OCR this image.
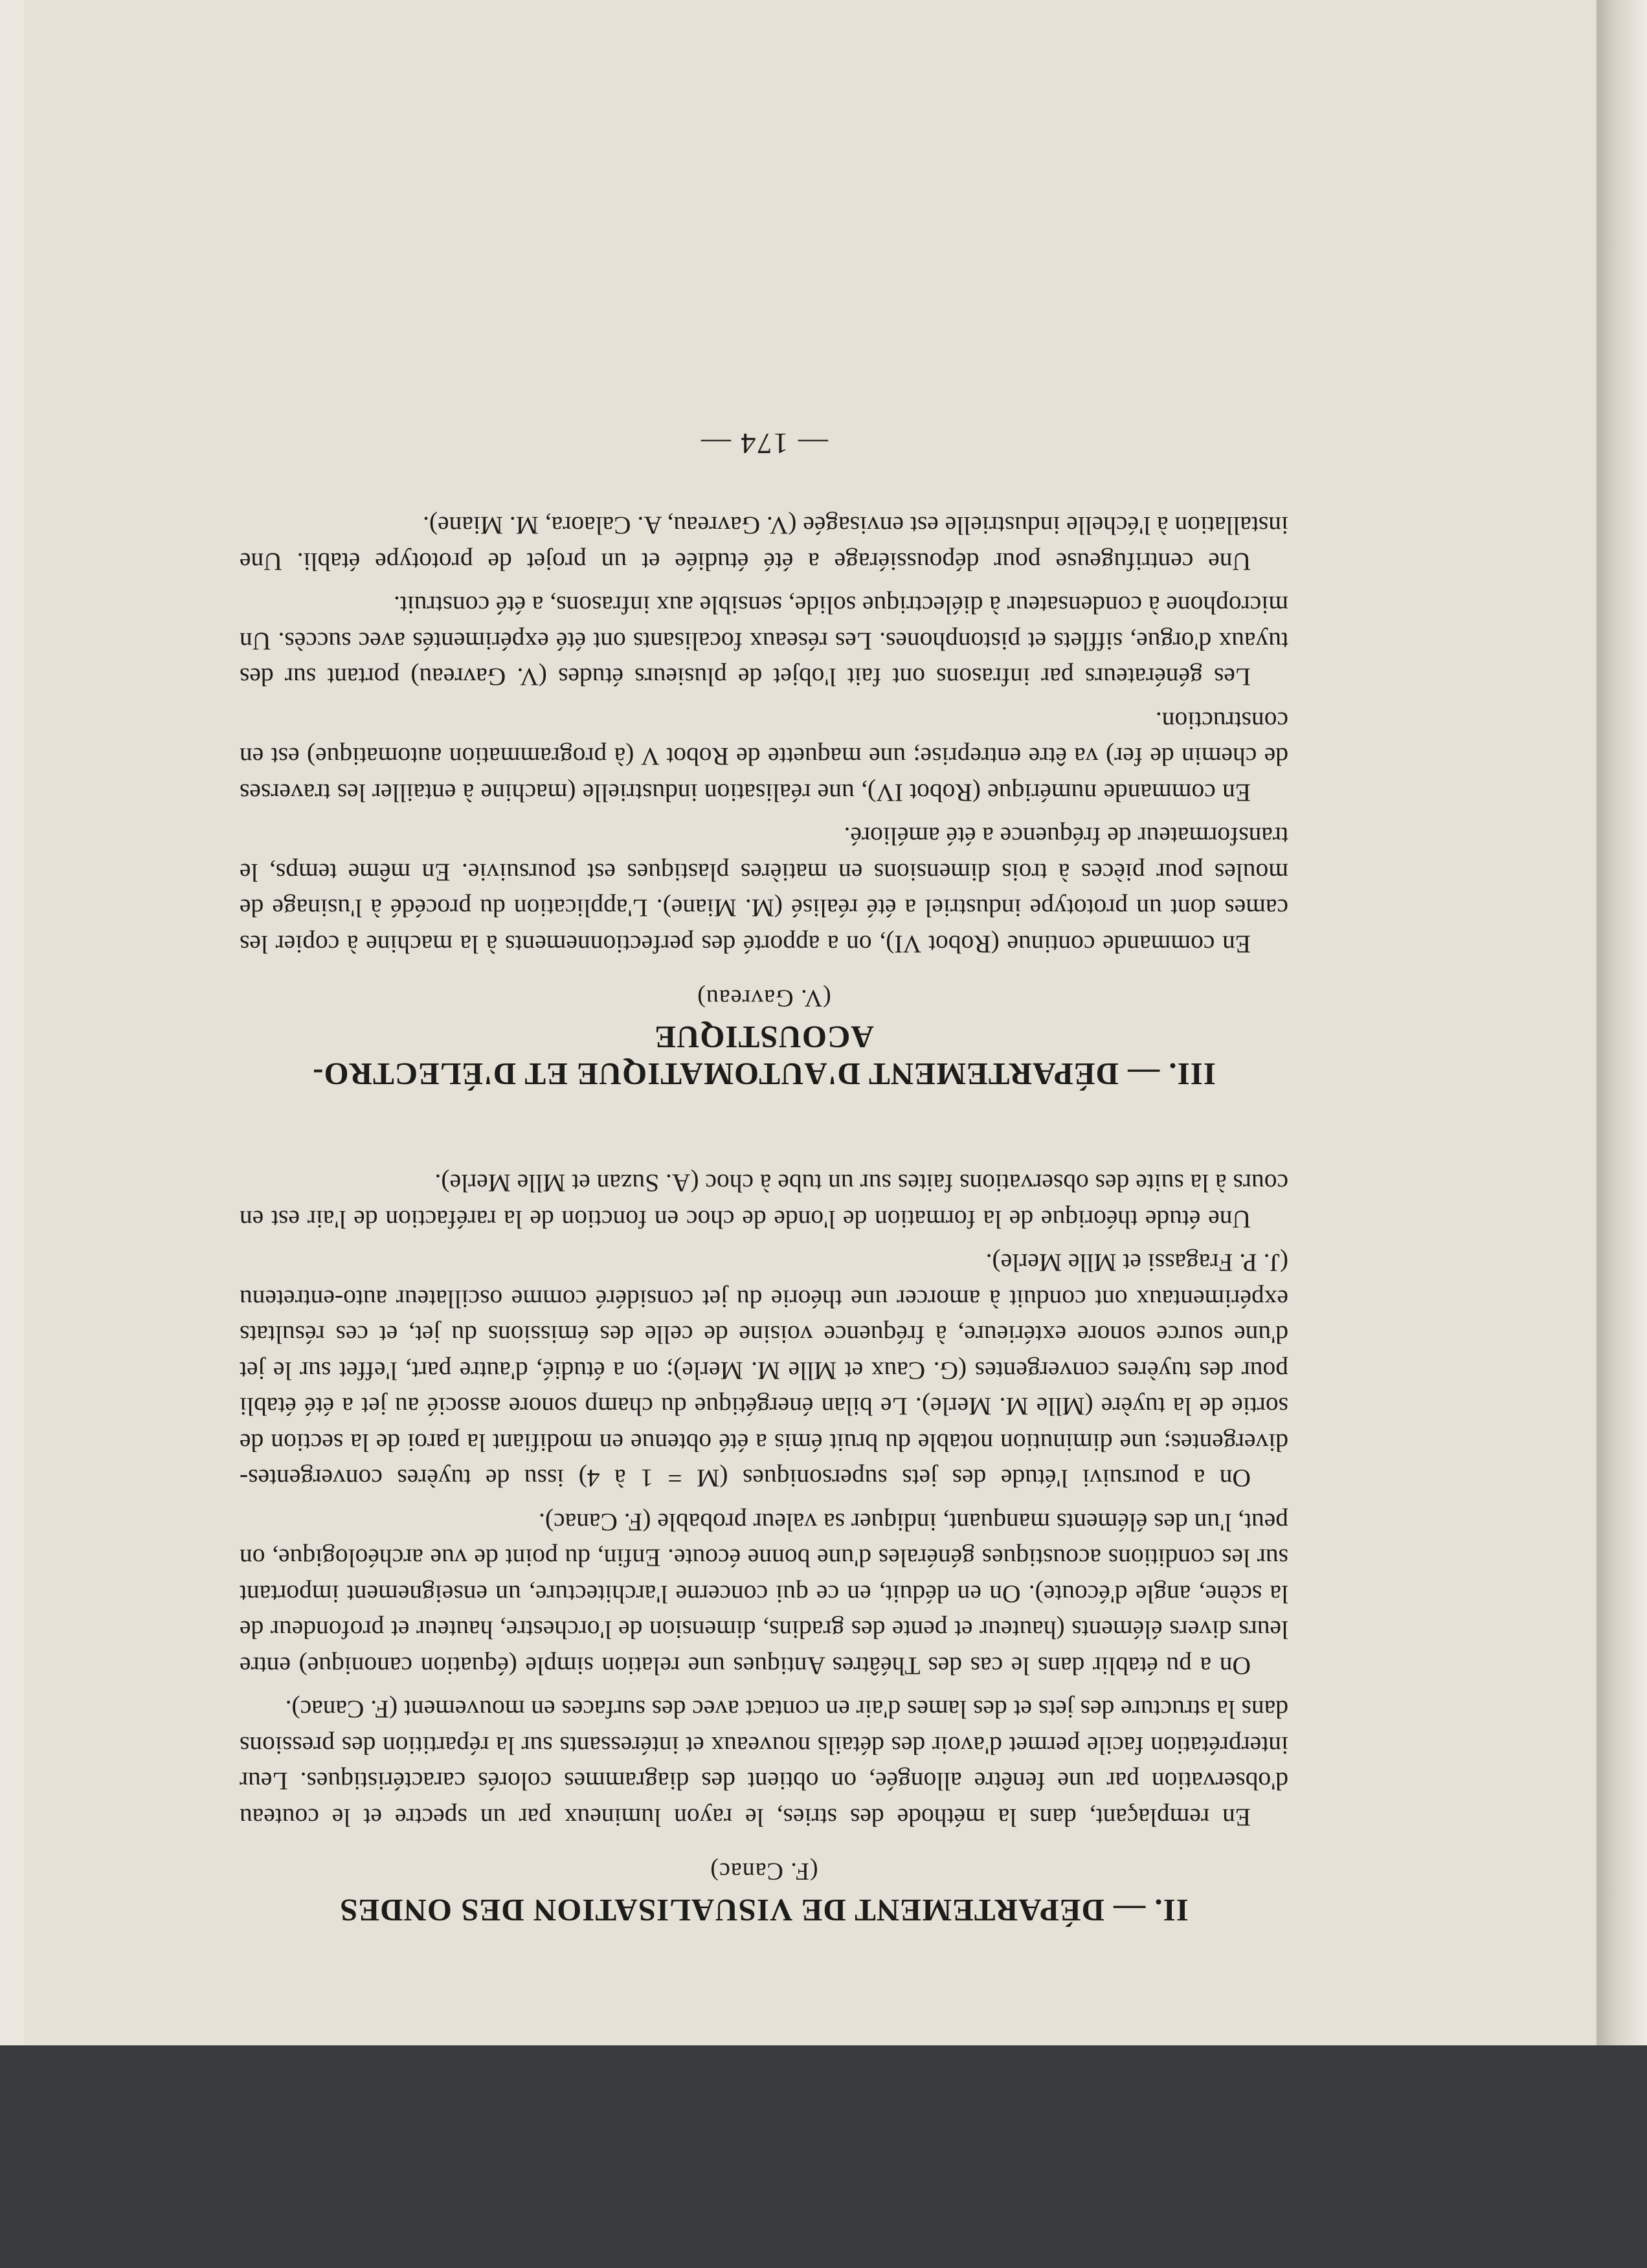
II. — DÉPARTEMENT DE VISUALISATION DES ONDES
(F. Canac)

En remplaçant, dans la méthode des stries, le rayon lumineux par un spectre et le couteau d'observation par une fenêtre allongée, on obtient des diagrammes colorés caractéristiques. Leur interprétation facile permet d'avoir des détails nouveaux et intéressants sur la répartition des pressions dans la structure des jets et des lames d'air en contact avec des surfaces en mouvement (F. Canac).

On a pu établir dans le cas des Théâtres Antiques une relation simple (équation canonique) entre leurs divers éléments (hauteur et pente des gradins, dimension de l'orchestre, hauteur et profondeur de la scène, angle d'écoute). On en déduit, en ce qui concerne l'architecture, un enseignement important sur les conditions acoustiques générales d'une bonne écoute. Enfin, du point de vue archéologique, on peut, l'un des éléments manquant, indiquer sa valeur probable (F. Canac).

On a poursuivi l'étude des jets supersoniques (M = 1 à 4) issu de tuyères convergentes-divergentes; une diminution notable du bruit émis a été obtenue en modifiant la paroi de la section de sortie de la tuyère (Mlle M. Merle). Le bilan énergétique du champ sonore associé au jet a été établi pour des tuyères convergentes (G. Caux et Mlle M. Merle); on a étudié, d'autre part, l'effet sur le jet d'une source sonore extérieure, à fréquence voisine de celle des émissions du jet, et ces résultats expérimentaux ont conduit à amorcer une théorie du jet considéré comme oscillateur auto-entretenu (J. P. Fragassi et Mlle Merle).

Une étude théorique de la formation de l'onde de choc en fonction de la raréfaction de l'air est en cours à la suite des observations faites sur un tube à choc (A. Suzan et Mlle Merle).

III. — DÉPARTEMENT D'AUTOMATIQUE ET D'ÉLECTRO-ACOUSTIQUE
(V. Gavreau)

En commande continue (Robot VI), on a apporté des perfectionnements à la machine à copier les cames dont un prototype industriel a été réalisé (M. Miane). L'application du procédé à l'usinage de moules pour pièces à trois dimensions en matières plastiques est poursuivie. En même temps, le transformateur de fréquence a été amélioré.

En commande numérique (Robot IV), une réalisation industrielle (machine à entailler les traverses de chemin de fer) va être entreprise; une maquette de Robot V (à programmation automatique) est en construction.

Les générateurs par infrasons ont fait l'objet de plusieurs études (V. Gavreau) portant sur des tuyaux d'orgue, sifflets et pistonphones. Les réseaux focalisants ont été expérimentés avec succès. Un microphone à condensateur à diélectrique solide, sensible aux infrasons, a été construit.

Une centrifugeuse pour dépoussiérage a été étudiée et un projet de prototype établi. Une installation à l'échelle industrielle est envisagée (V. Gavreau, A. Calaora, M. Miane).

— 174 —
